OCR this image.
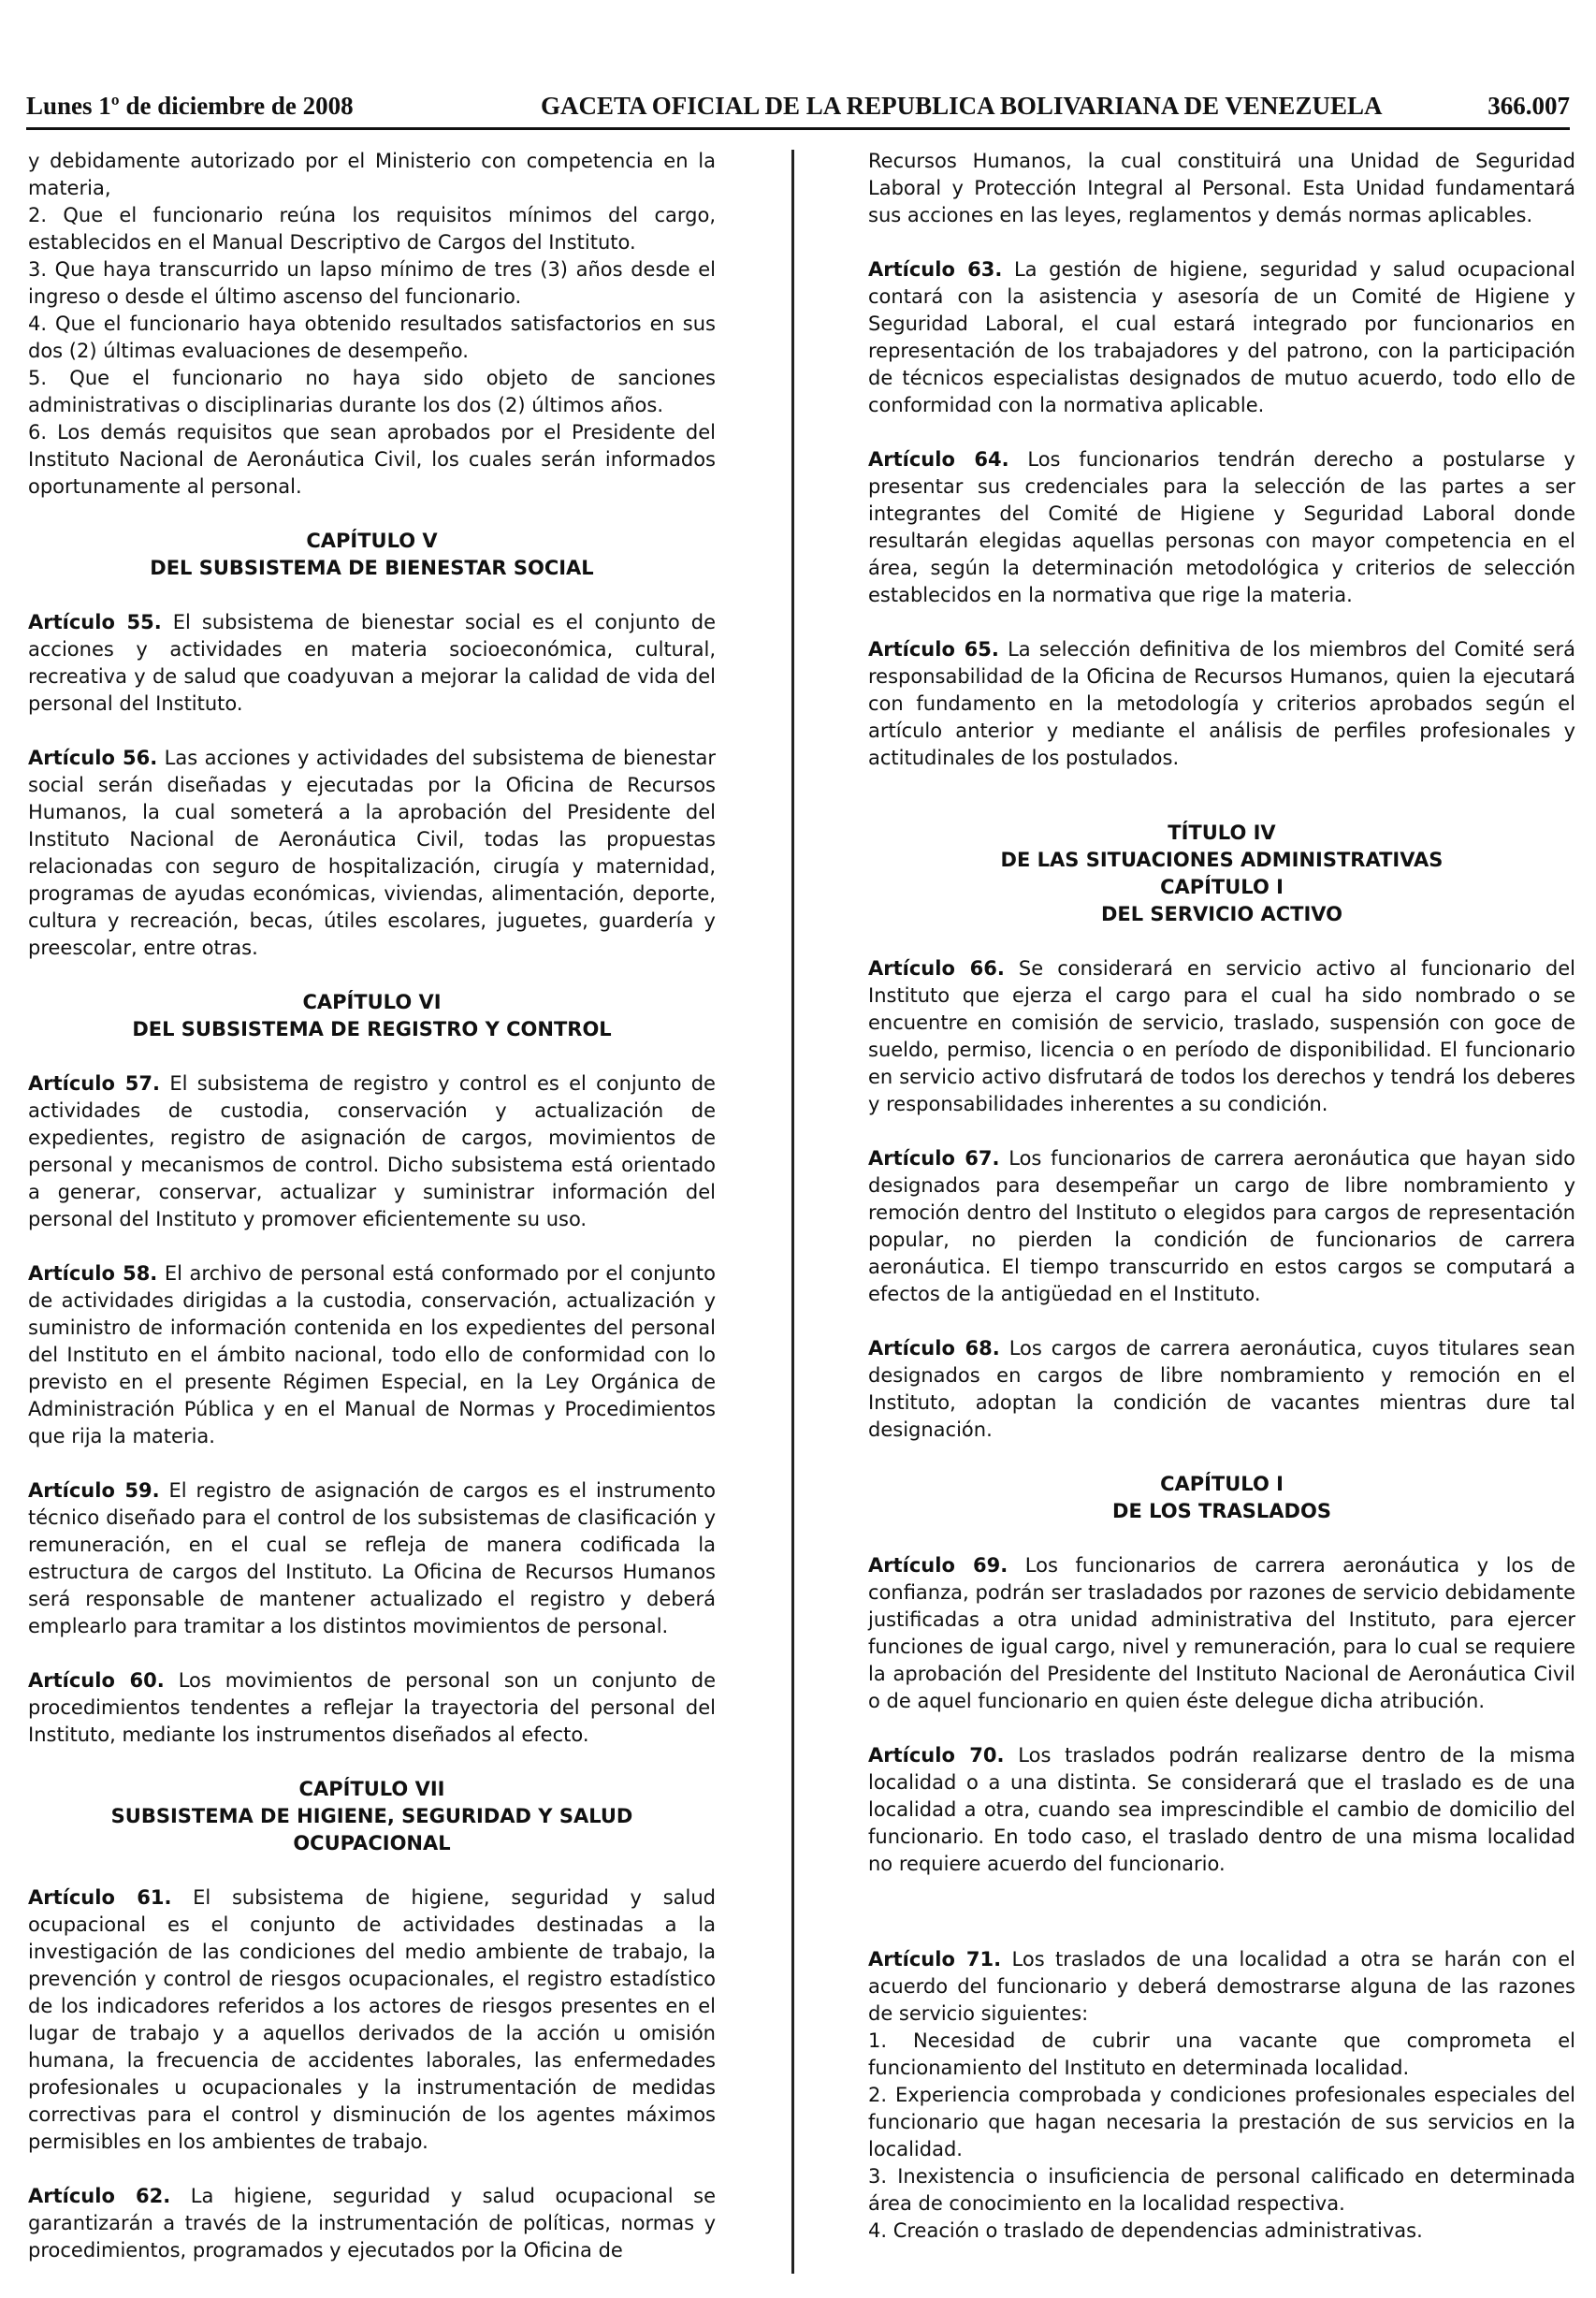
Lunes 1º de diciembre de 2008	GACETA OFICIAL DE LA REPUBLICA BOLIVARIANA DE VENEZUELA	366.007

y debidamente autorizado por el Ministerio con competencia en la materia,

2. Que el funcionario reúna los requisitos mínimos del cargo, establecidos en el Manual Descriptivo de Cargos del Instituto.

3. Que haya transcurrido un lapso mínimo de tres (3) años desde el ingreso o desde el último ascenso del funcionario.

4. Que el funcionario haya obtenido resultados satisfactorios en sus dos (2) últimas evaluaciones de desempeño.

5. Que el funcionario no haya sido objeto de sanciones administrativas o disciplinarias durante los dos (2) últimos años.

6. Los demás requisitos que sean aprobados por el Presidente del Instituto Nacional de Aeronáutica Civil, los cuales serán informados oportunamente al personal.

CAPÍTULO V
DEL SUBSISTEMA DE BIENESTAR SOCIAL

Artículo 55. El subsistema de bienestar social es el conjunto de acciones y actividades en materia socioeconómica, cultural, recreativa y de salud que coadyuvan a mejorar la calidad de vida del personal del Instituto.

Artículo 56. Las acciones y actividades del subsistema de bienestar social serán diseñadas y ejecutadas por la Oficina de Recursos Humanos, la cual someterá a la aprobación del Presidente del Instituto Nacional de Aeronáutica Civil, todas las propuestas relacionadas con seguro de hospitalización, cirugía y maternidad, programas de ayudas económicas, viviendas, alimentación, deporte, cultura y recreación, becas, útiles escolares, juguetes, guardería y preescolar, entre otras.

CAPÍTULO VI
DEL SUBSISTEMA DE REGISTRO Y CONTROL

Artículo 57. El subsistema de registro y control es el conjunto de actividades de custodia, conservación y actualización de expedientes, registro de asignación de cargos, movimientos de personal y mecanismos de control. Dicho subsistema está orientado a generar, conservar, actualizar y suministrar información del personal del Instituto y promover eficientemente su uso.

Artículo 58. El archivo de personal está conformado por el conjunto de actividades dirigidas a la custodia, conservación, actualización y suministro de información contenida en los expedientes del personal del Instituto en el ámbito nacional, todo ello de conformidad con lo previsto en el presente Régimen Especial, en la Ley Orgánica de Administración Pública y en el Manual de Normas y Procedimientos que rija la materia.

Artículo 59. El registro de asignación de cargos es el instrumento técnico diseñado para el control de los subsistemas de clasificación y remuneración, en el cual se refleja de manera codificada la estructura de cargos del Instituto. La Oficina de Recursos Humanos será responsable de mantener actualizado el registro y deberá emplearlo para tramitar a los distintos movimientos de personal.

Artículo 60. Los movimientos de personal son un conjunto de procedimientos tendentes a reflejar la trayectoria del personal del Instituto, mediante los instrumentos diseñados al efecto.

CAPÍTULO VII
SUBSISTEMA DE HIGIENE, SEGURIDAD Y SALUD
OCUPACIONAL

Artículo 61. El subsistema de higiene, seguridad y salud ocupacional es el conjunto de actividades destinadas a la investigación de las condiciones del medio ambiente de trabajo, la prevención y control de riesgos ocupacionales, el registro estadístico de los indicadores referidos a los actores de riesgos presentes en el lugar de trabajo y a aquellos derivados de la acción u omisión humana, la frecuencia de accidentes laborales, las enfermedades profesionales u ocupacionales y la instrumentación de medidas correctivas para el control y disminución de los agentes máximos permisibles en los ambientes de trabajo.

Artículo 62. La higiene, seguridad y salud ocupacional se garantizarán a través de la instrumentación de políticas, normas y procedimientos, programados y ejecutados por la Oficina de

Recursos Humanos, la cual constituirá una Unidad de Seguridad Laboral y Protección Integral al Personal. Esta Unidad fundamentará sus acciones en las leyes, reglamentos y demás normas aplicables.

Artículo 63. La gestión de higiene, seguridad y salud ocupacional contará con la asistencia y asesoría de un Comité de Higiene y Seguridad Laboral, el cual estará integrado por funcionarios en representación de los trabajadores y del patrono, con la participación de técnicos especialistas designados de mutuo acuerdo, todo ello de conformidad con la normativa aplicable.

Artículo 64. Los funcionarios tendrán derecho a postularse y presentar sus credenciales para la selección de las partes a ser integrantes del Comité de Higiene y Seguridad Laboral donde resultarán elegidas aquellas personas con mayor competencia en el área, según la determinación metodológica y criterios de selección establecidos en la normativa que rige la materia.

Artículo 65. La selección definitiva de los miembros del Comité será responsabilidad de la Oficina de Recursos Humanos, quien la ejecutará con fundamento en la metodología y criterios aprobados según el artículo anterior y mediante el análisis de perfiles profesionales y actitudinales de los postulados.

TÍTULO IV
DE LAS SITUACIONES ADMINISTRATIVAS
CAPÍTULO I
DEL SERVICIO ACTIVO

Artículo 66. Se considerará en servicio activo al funcionario del Instituto que ejerza el cargo para el cual ha sido nombrado o se encuentre en comisión de servicio, traslado, suspensión con goce de sueldo, permiso, licencia o en período de disponibilidad. El funcionario en servicio activo disfrutará de todos los derechos y tendrá los deberes y responsabilidades inherentes a su condición.

Artículo 67. Los funcionarios de carrera aeronáutica que hayan sido designados para desempeñar un cargo de libre nombramiento y remoción dentro del Instituto o elegidos para cargos de representación popular, no pierden la condición de funcionarios de carrera aeronáutica. El tiempo transcurrido en estos cargos se computará a efectos de la antigüedad en el Instituto.

Artículo 68. Los cargos de carrera aeronáutica, cuyos titulares sean designados en cargos de libre nombramiento y remoción en el Instituto, adoptan la condición de vacantes mientras dure tal designación.

CAPÍTULO I
DE LOS TRASLADOS

Artículo 69. Los funcionarios de carrera aeronáutica y los de confianza, podrán ser trasladados por razones de servicio debidamente justificadas a otra unidad administrativa del Instituto, para ejercer funciones de igual cargo, nivel y remuneración, para lo cual se requiere la aprobación del Presidente del Instituto Nacional de Aeronáutica Civil o de aquel funcionario en quien éste delegue dicha atribución.

Artículo 70. Los traslados podrán realizarse dentro de la misma localidad o a una distinta. Se considerará que el traslado es de una localidad a otra, cuando sea imprescindible el cambio de domicilio del funcionario. En todo caso, el traslado dentro de una misma localidad no requiere acuerdo del funcionario.

Artículo 71. Los traslados de una localidad a otra se harán con el acuerdo del funcionario y deberá demostrarse alguna de las razones de servicio siguientes:

1. Necesidad de cubrir una vacante que comprometa el funcionamiento del Instituto en determinada localidad.

2. Experiencia comprobada y condiciones profesionales especiales del funcionario que hagan necesaria la prestación de sus servicios en la localidad.

3. Inexistencia o insuficiencia de personal calificado en determinada área de conocimiento en la localidad respectiva.

4. Creación o traslado de dependencias administrativas.
